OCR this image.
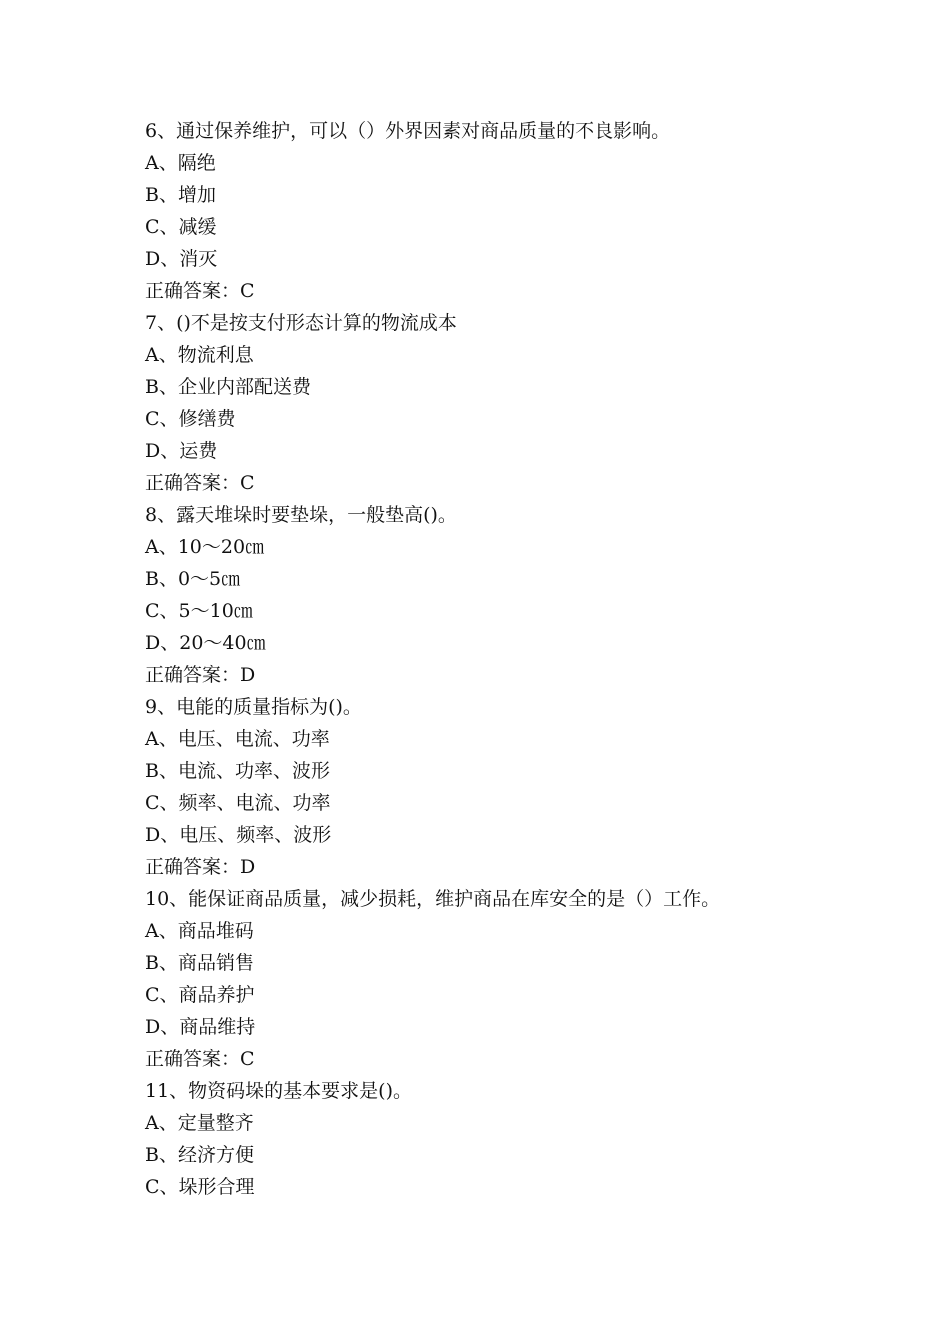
6、通过保养维护，可以（）外界因素对商品质量的不良影响。
A、隔绝
B、增加
C、减缓
D、消灭
正确答案：C
7、()不是按支付形态计算的物流成本
A、物流利息
B、企业内部配送费
C、修缮费
D、运费
正确答案：C
8、露天堆垛时要垫垛，一般垫高()。
A、10～20㎝
B、0～5㎝
C、5～10㎝
D、20～40㎝
正确答案：D
9、电能的质量指标为()。
A、电压、电流、功率
B、电流、功率、波形
C、频率、电流、功率
D、电压、频率、波形
正确答案：D
10、能保证商品质量，减少损耗，维护商品在库安全的是（）工作。
A、商品堆码
B、商品销售
C、商品养护
D、商品维持
正确答案：C
11、物资码垛的基本要求是()。
A、定量整齐
B、经济方便
C、垛形合理
